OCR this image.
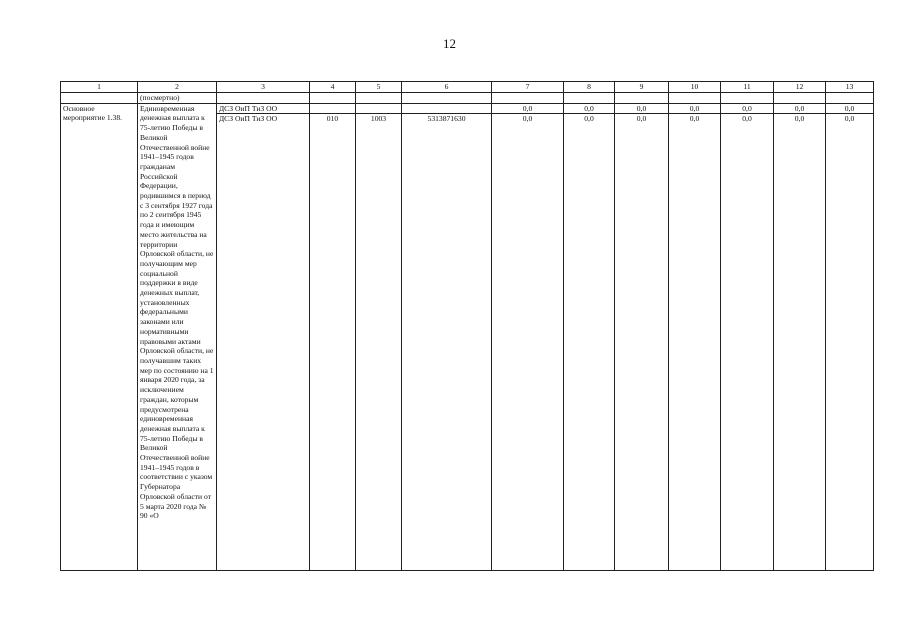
12
1	2	3	4	5	6	7	8	9	10	11	12	13
	(посмертно)											
Основное мероприятие 1.38.	Единовременная денежная выплата к 75-летию Победы в Великой Отечественной войне 1941–1945 годов гражданам Российской Федерации, родившимся в период с 3 сентября 1927 года по 2 сентября 1945 года и имеющим место жительства на территории Орловской области, не получающим мер социальной поддержки в виде денежных выплат, установленных федеральными законами или нормативными правовыми актами Орловской области, не получавшим таких мер по состоянию на 1 января 2020 года, за исключением граждан, которым предусмотрена единовременная денежная выплата к 75-летию Победы в Великой Отечественной войне 1941–1945 годов в соответствии с указом Губернатора Орловской области от 5 марта 2020 года № 90 «О	ДСЗ ОиП ТиЗ ОО				0,0	0,0	0,0	0,0	0,0	0,0	0,0
		ДСЗ ОиП ТиЗ ОО	010	1003	5313871630	0,0	0,0	0,0	0,0	0,0	0,0	0,0
